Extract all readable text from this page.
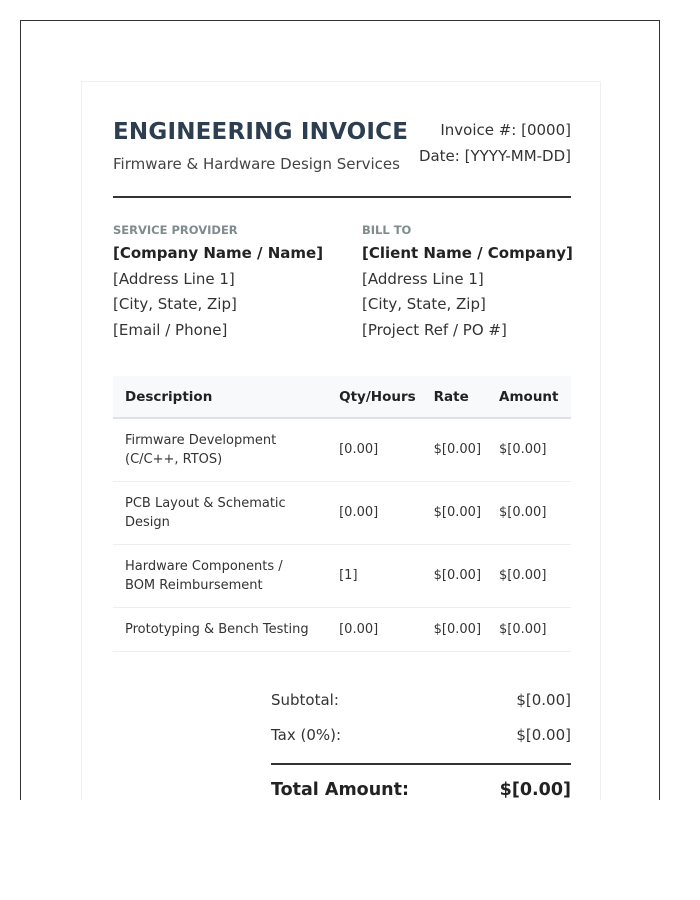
ENGINEERING INVOICE
Firmware & Hardware Design Services
Invoice #: [0000]
Date: [YYYY-MM-DD]
SERVICE PROVIDER
[Company Name / Name]
[Address Line 1]
[City, State, Zip]
[Email / Phone]
BILL TO
[Client Name / Company]
[Address Line 1]
[City, State, Zip]
[Project Ref / PO #]
Description	Qty/Hours	Rate	Amount
Firmware Development (C/C++, RTOS)	[0.00]	$[0.00]	$[0.00]
PCB Layout & Schematic Design	[0.00]	$[0.00]	$[0.00]
Hardware Components / BOM Reimbursement	[1]	$[0.00]	$[0.00]
Prototyping & Bench Testing	[0.00]	$[0.00]	$[0.00]
Subtotal:	$[0.00]
Tax (0%):	$[0.00]
Total Amount:	$[0.00]
